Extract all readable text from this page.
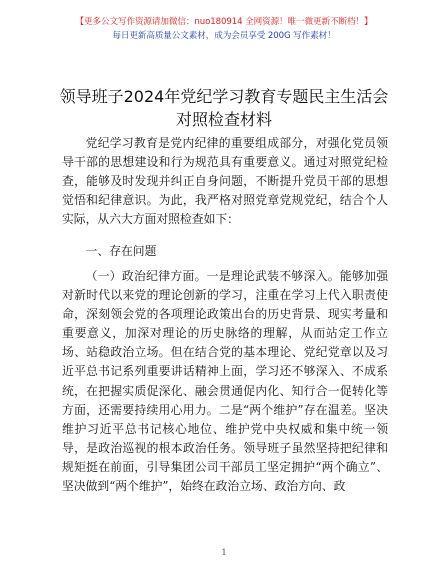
【更多公文写作资源请加微信：nuo180914 全网资源！唯一微更新不断档！】
每日更新高质量公文素材，成为会员享受 200G 写作素材！
领导班子2024年党纪学习教育专题民主生活会
对照检查材料

党纪学习教育是党内纪律的重要组成部分，对强化党员领导干部的思想建设和行为规范具有重要意义。通过对照党纪检查，能够及时发现并纠正自身问题，不断提升党员干部的思想觉悟和纪律意识。为此，我严格对照党章党规党纪，结合个人实际，从六大方面对照检查如下：

一、存在问题

（一）政治纪律方面。一是理论武装不够深入。能够加强对新时代以来党的理论创新的学习，注重在学习上代入职责使命，深刻领会党的各项理论政策出台的历史背景、现实考量和重要意义，加深对理论的历史脉络的理解，从而站定工作立场、站稳政治立场。但在结合党的基本理论、党纪党章以及习近平总书记系列重要讲话精神上面，学习还不够深入、不成系统，在把握实质促深化、融会贯通促内化、知行合一促转化等方面，还需要持续用心用力。二是“两个维护”存在温差。坚决维护习近平总书记核心地位、维护党中央权威和集中统一领导，是政治巡视的根本政治任务。领导班子虽然坚持把纪律和规矩挺在前面，引导集团公司干部员工坚定拥护“两个确立”、坚决做到“两个维护”，始终在政治立场、政治方向、政

1
